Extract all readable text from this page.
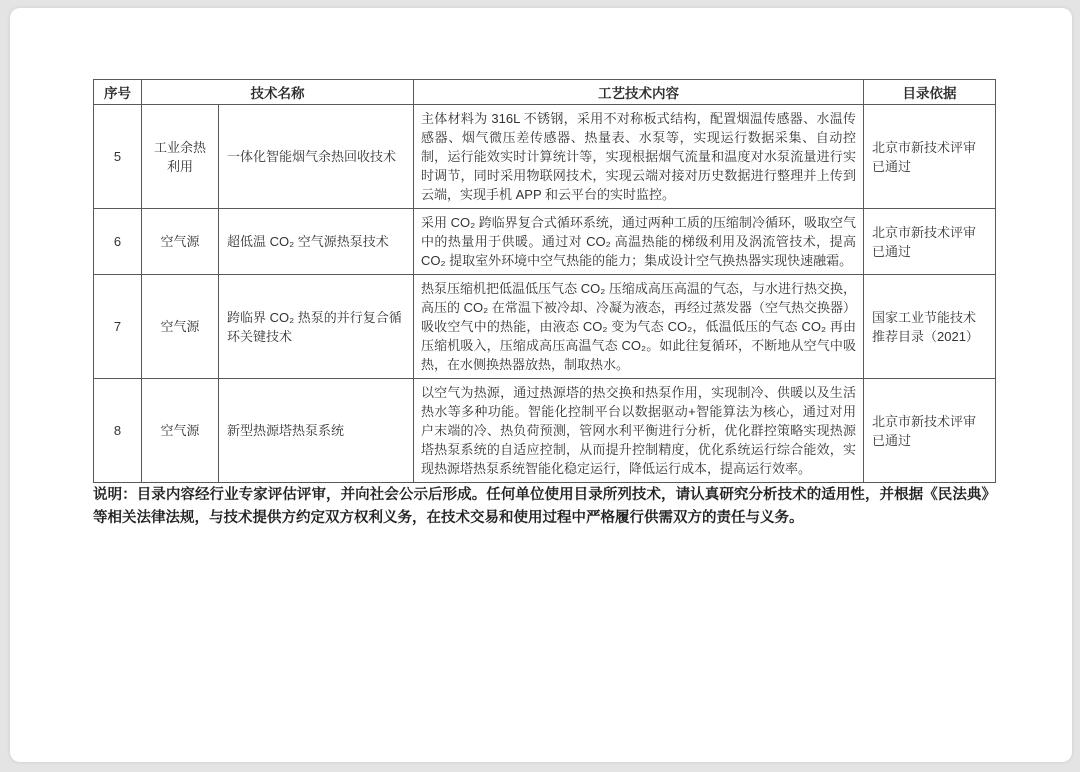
序号	技术名称		工艺技术内容	目录依据
5	工业余热利用	一体化智能烟气余热回收技术	主体材料为 316L 不锈钢，采用不对称板式结构，配置烟温传感器、水温传感器、烟气微压差传感器、热量表、水泵等，实现运行数据采集、自动控制，运行能效实时计算统计等，实现根据烟气流量和温度对水泵流量进行实时调节，同时采用物联网技术，实现云端对接对历史数据进行整理并上传到云端，实现手机 APP 和云平台的实时监控。	北京市新技术评审已通过
6	空气源	超低温 CO₂ 空气源热泵技术	采用 CO₂ 跨临界复合式循环系统，通过两种工质的压缩制冷循环，吸取空气中的热量用于供暖。通过对 CO₂ 高温热能的梯级利用及涡流管技术，提高 CO₂ 提取室外环境中空气热能的能力；集成设计空气换热器实现快速融霜。	北京市新技术评审已通过
7	空气源	跨临界 CO₂ 热泵的并行复合循环关键技术	热泵压缩机把低温低压气态 CO₂ 压缩成高压高温的气态，与水进行热交换，高压的 CO₂ 在常温下被冷却、冷凝为液态，再经过蒸发器（空气热交换器）吸收空气中的热能，由液态 CO₂ 变为气态 CO₂，低温低压的气态 CO₂ 再由压缩机吸入，压缩成高压高温气态 CO₂。如此往复循环，不断地从空气中吸热，在水侧换热器放热，制取热水。	国家工业节能技术推荐目录（2021）
8	空气源	新型热源塔热泵系统	以空气为热源，通过热源塔的热交换和热泵作用，实现制冷、供暖以及生活热水等多种功能。智能化控制平台以数据驱动+智能算法为核心，通过对用户末端的冷、热负荷预测，管网水利平衡进行分析，优化群控策略实现热源塔热泵系统的自适应控制，从而提升控制精度，优化系统运行综合能效，实现热源塔热泵系统智能化稳定运行，降低运行成本，提高运行效率。	北京市新技术评审已通过

说明：目录内容经行业专家评估评审，并向社会公示后形成。任何单位使用目录所列技术，请认真研究分析技术的适用性，并根据《民法典》等相关法律法规，与技术提供方约定双方权利义务，在技术交易和使用过程中严格履行供需双方的责任与义务。
